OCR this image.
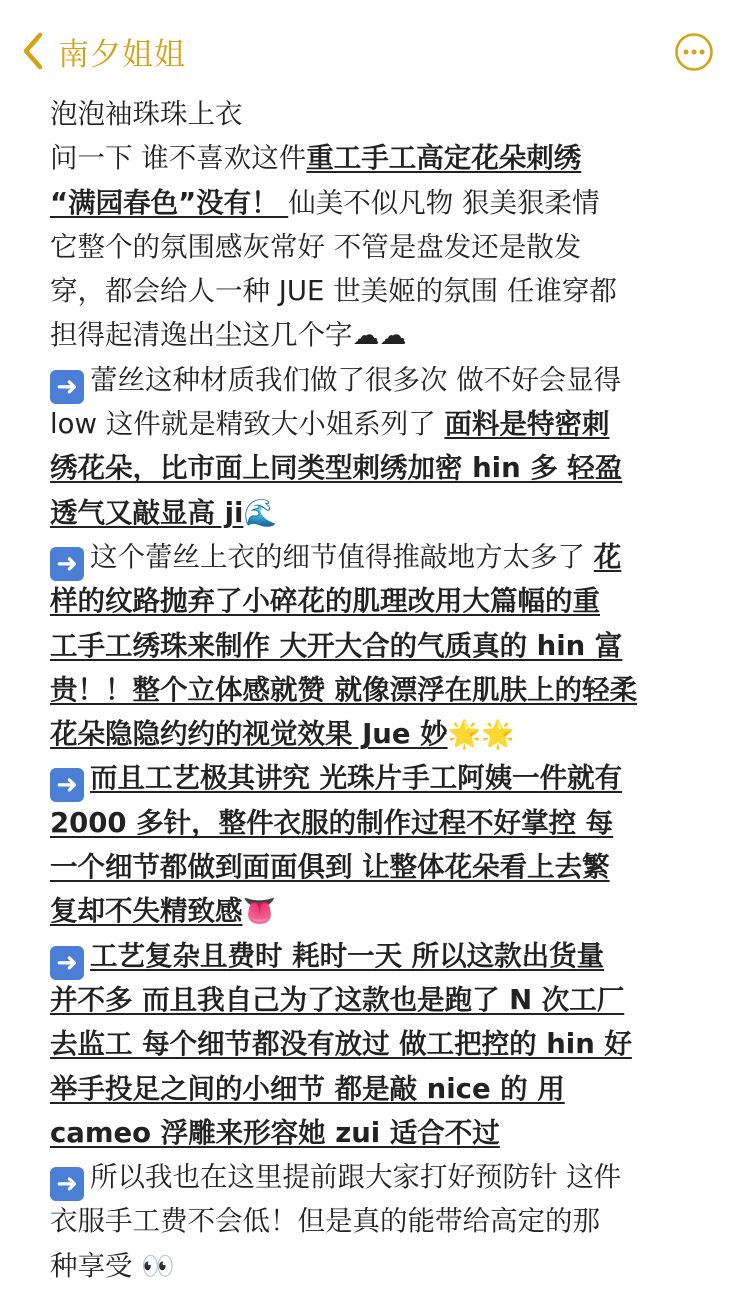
南夕姐姐
泡泡袖珠珠上衣
问一下 谁不喜欢这件重工手工高定花朵刺绣
“满园春色”没有！ 仙美不似凡物 狠美狠柔情
它整个的氛围感灰常好 不管是盘发还是散发
穿，都会给人一种 JUE 世美姬的氛围 任谁穿都
担得起清逸出尘这几个字☁☁
➜ 蕾丝这种材质我们做了很多次 做不好会显得
low 这件就是精致大小姐系列了 面料是特密刺
绣花朵，比市面上同类型刺绣加密 hin 多 轻盈
透气又敲显高 ji🌊
➜ 这个蕾丝上衣的细节值得推敲地方太多了 花
样的纹路抛弃了小碎花的肌理改用大篇幅的重
工手工绣珠来制作 大开大合的气质真的 hin 富
贵！！整个立体感就赞 就像漂浮在肌肤上的轻柔
花朵隐隐约约的视觉效果 Jue 妙🌟🌟
➜ 而且工艺极其讲究 光珠片手工阿姨一件就有
2000 多针，整件衣服的制作过程不好掌控 每
一个细节都做到面面俱到 让整体花朵看上去繁
复却不失精致感👅
➜ 工艺复杂且费时 耗时一天 所以这款出货量
并不多 而且我自己为了这款也是跑了 N 次工厂
去监工 每个细节都没有放过 做工把控的 hin 好
举手投足之间的小细节 都是敲 nice 的 用
cameo 浮雕来形容她 zui 适合不过
➜ 所以我也在这里提前跟大家打好预防针 这件
衣服手工费不会低！但是真的能带给高定的那
种享受 👀
